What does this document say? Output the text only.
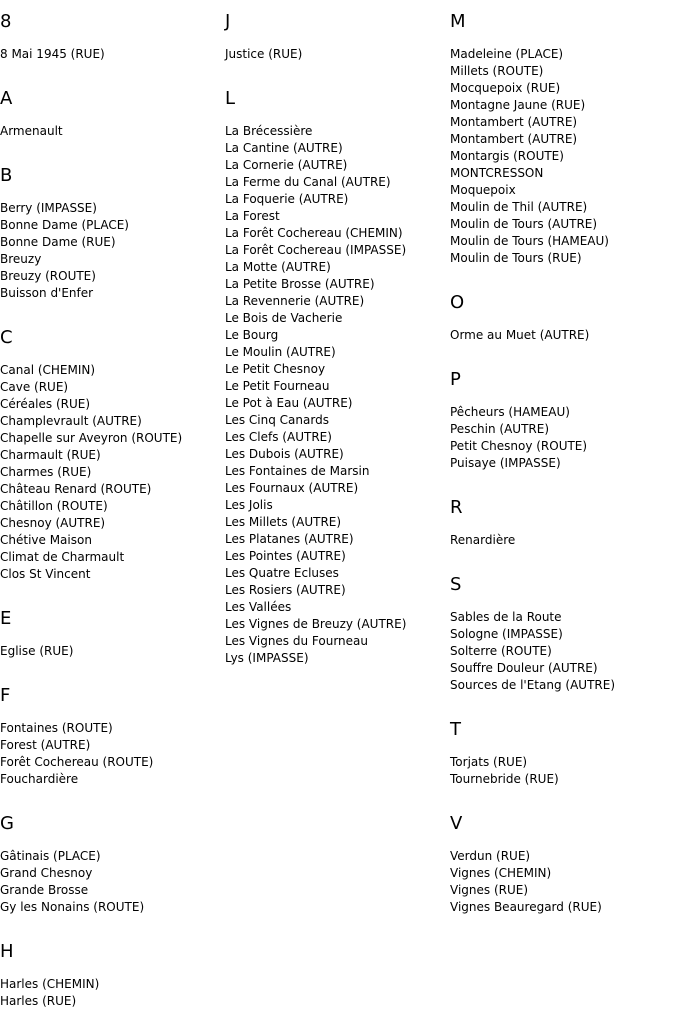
8
8 Mai 1945 (RUE)
A
Armenault
B
Berry (IMPASSE)
Bonne Dame (PLACE)
Bonne Dame (RUE)
Breuzy
Breuzy (ROUTE)
Buisson d'Enfer
C
Canal (CHEMIN)
Cave (RUE)
Céréales (RUE)
Champlevrault (AUTRE)
Chapelle sur Aveyron (ROUTE)
Charmault (RUE)
Charmes (RUE)
Château Renard (ROUTE)
Châtillon (ROUTE)
Chesnoy (AUTRE)
Chétive Maison
Climat de Charmault
Clos St Vincent
E
Eglise (RUE)
F
Fontaines (ROUTE)
Forest (AUTRE)
Forêt Cochereau (ROUTE)
Fouchardière
G
Gâtinais (PLACE)
Grand Chesnoy
Grande Brosse
Gy les Nonains (ROUTE)
H
Harles (CHEMIN)
Harles (RUE)
J
Justice (RUE)
L
La Brécessière
La Cantine (AUTRE)
La Cornerie (AUTRE)
La Ferme du Canal (AUTRE)
La Foquerie (AUTRE)
La Forest
La Forêt Cochereau (CHEMIN)
La Forêt Cochereau (IMPASSE)
La Motte (AUTRE)
La Petite Brosse (AUTRE)
La Revennerie (AUTRE)
Le Bois de Vacherie
Le Bourg
Le Moulin (AUTRE)
Le Petit Chesnoy
Le Petit Fourneau
Le Pot à Eau (AUTRE)
Les Cinq Canards
Les Clefs (AUTRE)
Les Dubois (AUTRE)
Les Fontaines de Marsin
Les Fournaux (AUTRE)
Les Jolis
Les Millets (AUTRE)
Les Platanes (AUTRE)
Les Pointes (AUTRE)
Les Quatre Ecluses
Les Rosiers (AUTRE)
Les Vallées
Les Vignes de Breuzy (AUTRE)
Les Vignes du Fourneau
Lys (IMPASSE)
M
Madeleine (PLACE)
Millets (ROUTE)
Mocquepoix (RUE)
Montagne Jaune (RUE)
Montambert (AUTRE)
Montambert (AUTRE)
Montargis (ROUTE)
MONTCRESSON
Moquepoix
Moulin de Thil (AUTRE)
Moulin de Tours (AUTRE)
Moulin de Tours (HAMEAU)
Moulin de Tours (RUE)
O
Orme au Muet (AUTRE)
P
Pêcheurs (HAMEAU)
Peschin (AUTRE)
Petit Chesnoy (ROUTE)
Puisaye (IMPASSE)
R
Renardière
S
Sables de la Route
Sologne (IMPASSE)
Solterre (ROUTE)
Souffre Douleur (AUTRE)
Sources de l'Etang (AUTRE)
T
Torjats (RUE)
Tournebride (RUE)
V
Verdun (RUE)
Vignes (CHEMIN)
Vignes (RUE)
Vignes Beauregard (RUE)
